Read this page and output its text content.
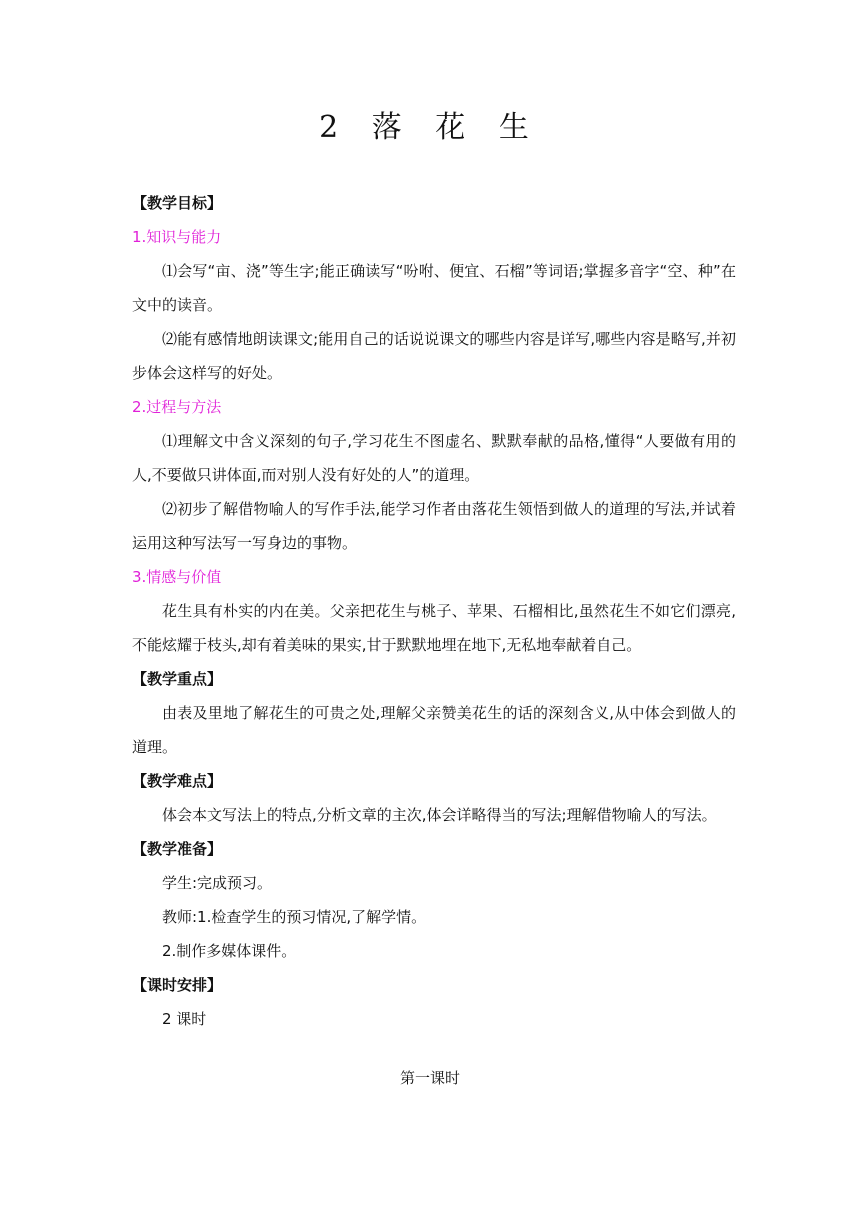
2 落 花 生

【教学目标】

1.知识与能力

⑴会写“亩、浇”等生字;能正确读写“吩咐、便宜、石榴”等词语;掌握多音字“空、种”在文中的读音。

⑵能有感情地朗读课文;能用自己的话说说课文的哪些内容是详写,哪些内容是略写,并初步体会这样写的好处。

2.过程与方法

⑴理解文中含义深刻的句子,学习花生不图虚名、默默奉献的品格,懂得“人要做有用的人,不要做只讲体面,而对别人没有好处的人”的道理。

⑵初步了解借物喻人的写作手法,能学习作者由落花生领悟到做人的道理的写法,并试着运用这种写法写一写身边的事物。

3.情感与价值

花生具有朴实的内在美。父亲把花生与桃子、苹果、石榴相比,虽然花生不如它们漂亮,不能炫耀于枝头,却有着美味的果实,甘于默默地埋在地下,无私地奉献着自己。

【教学重点】

由表及里地了解花生的可贵之处,理解父亲赞美花生的话的深刻含义,从中体会到做人的道理。

【教学难点】

体会本文写法上的特点,分析文章的主次,体会详略得当的写法;理解借物喻人的写法。

【教学准备】

学生:完成预习。

教师:1.检查学生的预习情况,了解学情。

2.制作多媒体课件。

【课时安排】

2 课时

第一课时
